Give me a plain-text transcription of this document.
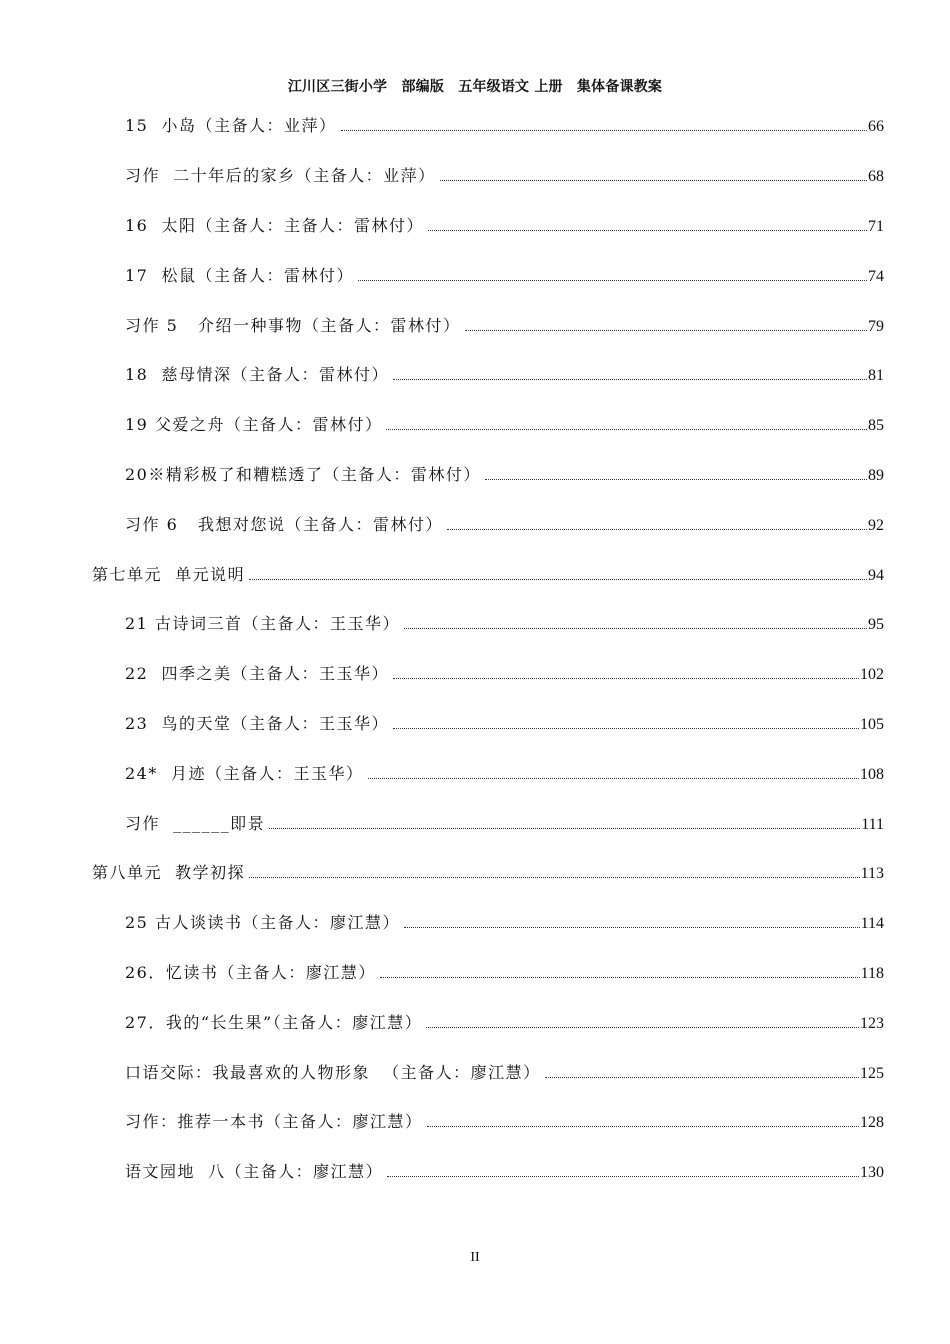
江川区三街小学　部编版　五年级语文 上册　集体备课教案
15  小岛（主备人：业萍）	66
习作  二十年后的家乡（主备人：业萍）	68
16  太阳（主备人：主备人：雷林付）	71
17  松鼠（主备人：雷林付）	74
习作 5   介绍一种事物（主备人：雷林付）	79
18  慈母情深（主备人：雷林付）	81
19 父爱之舟（主备人：雷林付）	85
20※精彩极了和糟糕透了（主备人：雷林付）	89
习作 6   我想对您说（主备人：雷林付）	92
第七单元  单元说明	94
21 古诗词三首（主备人：王玉华）	95
22  四季之美（主备人：王玉华）	102
23  鸟的天堂（主备人：王玉华）	105
24*  月迹（主备人：王玉华）	108
习作  ______即景	111
第八单元  教学初探	113
25 古人谈读书（主备人：廖江慧）	114
26．忆读书（主备人：廖江慧）	118
27．我的“长生果”（主备人：廖江慧）	123
口语交际：我最喜欢的人物形象  （主备人：廖江慧）	125
习作：推荐一本书（主备人：廖江慧）	128
语文园地  八（主备人：廖江慧）	130
II
